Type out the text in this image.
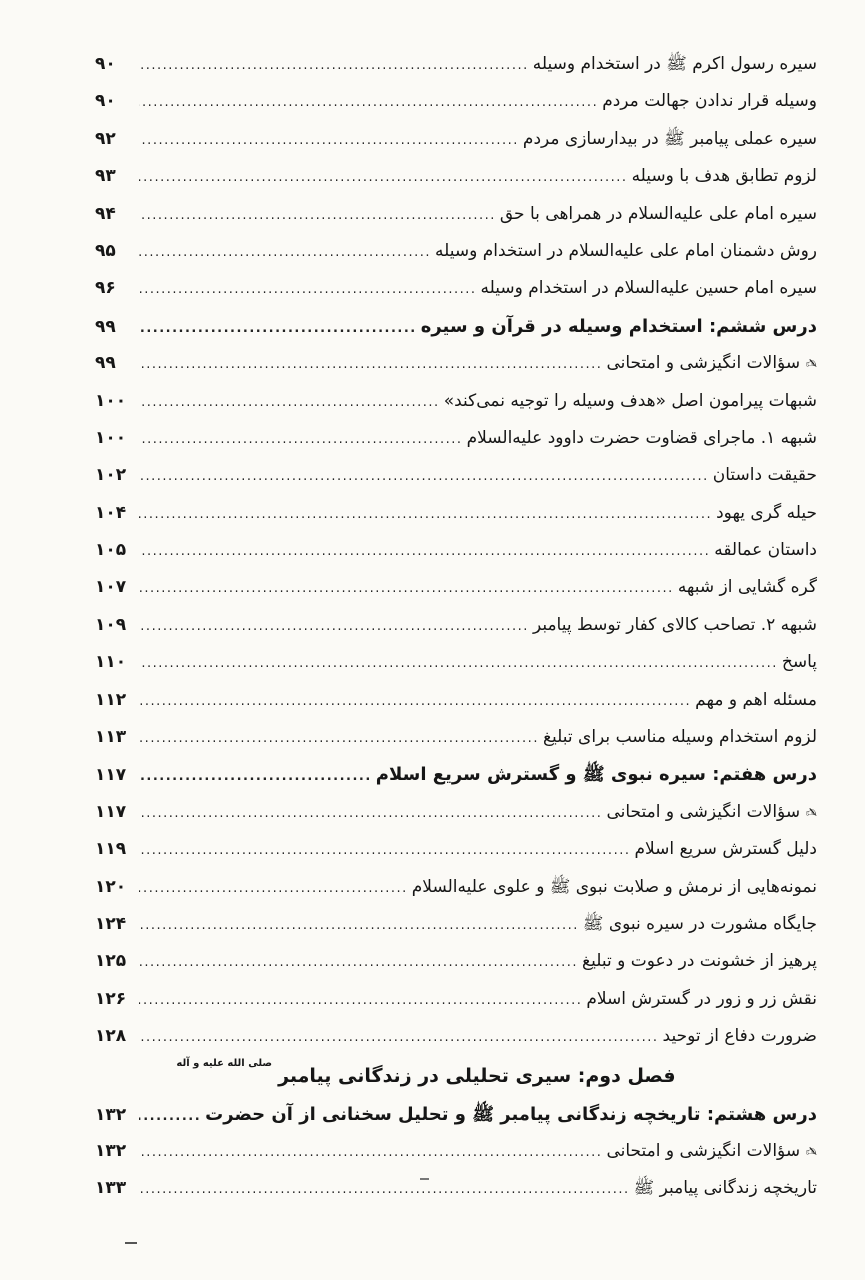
سیره رسول اکرم ﷺ در استخدام وسیله
.....
۹۰
وسیله قرار ندادن جهالت مردم
.....
۹۰
سیره عملی پیامبر ﷺ در بیدارسازی مردم
.....
۹۲
لزوم تطابق هدف با وسیله
.....
۹۳
سیره امام علی علیه‌السلام در همراهی با حق
.....
۹۴
روش دشمنان امام علی علیه‌السلام در استخدام وسیله
.....
۹۵
سیره امام حسین علیه‌السلام در استخدام وسیله
.....
۹۶
درس ششم: استخدام وسیله در قرآن و سیره
.....
۹۹
✍سؤالات انگیزشی و امتحانی
.....
۹۹
شبهات پیرامون اصل «هدف وسیله را توجیه نمی‌کند»
.....
۱۰۰
شبهه ۱. ماجرای قضاوت حضرت داوود علیه‌السلام
.....
۱۰۰
حقیقت داستان
.....
۱۰۲
حیله گری یهود
.....
۱۰۴
داستان عمالقه
.....
۱۰۵
گره گشایی از شبهه
.....
۱۰۷
شبهه ۲. تصاحب کالای کفار توسط پیامبر
.....
۱۰۹
پاسخ
.....
۱۱۰
مسئله اهم و مهم
.....
۱۱۲
لزوم استخدام وسیله مناسب برای تبلیغ
.....
۱۱۳
درس هفتم: سیره نبوی ﷺ و گسترش سریع اسلام
.....
۱۱۷
✍سؤالات انگیزشی و امتحانی
.....
۱۱۷
دلیل گسترش سریع اسلام
.....
۱۱۹
نمونه‌هایی از نرمش و صلابت نبوی ﷺ و علوی علیه‌السلام
.....
۱۲۰
جایگاه مشورت در سیره نبوی ﷺ
.....
۱۲۴
پرهیز از خشونت در دعوت و تبلیغ
.....
۱۲۵
نقش زر و زور در گسترش اسلام
.....
۱۲۶
ضرورت دفاع از توحید
.....
۱۲۸
فصل دوم: سیری تحلیلی در زندگانی پیامبر
صلی الله علیه و آله
درس هشتم: تاریخچه زندگانی پیامبر ﷺ و تحلیل سخنانی از آن حضرت
.....
۱۳۲
✍سؤالات انگیزشی و امتحانی
.....
۱۳۲
تاریخچه زندگانی پیامبر ﷺ
.....
۱۳۳
